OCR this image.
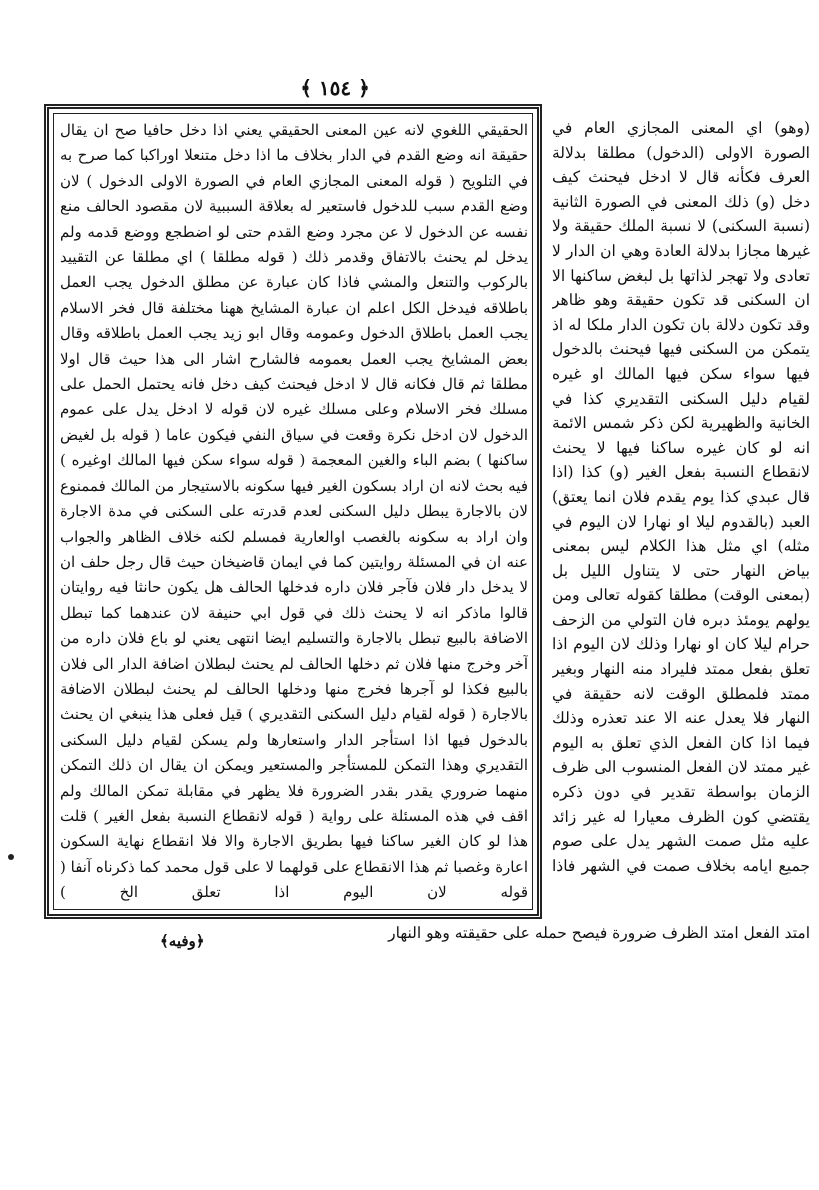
﴿ ١٥٤ ﴾

الحقيقي اللغوي لانه عين المعنى الحقيقي يعني اذا دخل حافيا صح ان يقال حقيقة انه وضع القدم في الدار بخلاف ما اذا دخل متنعلا اوراكبا كما صرح به في التلويح ( قوله المعنى المجازي العام في الصورة الاولى الدخول ) لان وضع القدم سبب للدخول فاستعير له بعلاقة السببية لان مقصود الحالف منع نفسه عن الدخول لا عن مجرد وضع القدم حتى لو اضطجع ووضع قدمه ولم يدخل لم يحنث بالاتفاق وقدمر ذلك ( قوله مطلقا ) اي مطلقا عن التقييد بالركوب والتنعل والمشي فاذا كان عبارة عن مطلق الدخول يجب العمل باطلاقه فيدخل الكل اعلم ان عبارة المشايخ ههنا مختلفة قال فخر الاسلام يجب العمل باطلاق الدخول وعمومه وقال ابو زيد يجب العمل باطلاقه وقال بعض المشايخ يجب العمل بعمومه فالشارح اشار الى هذا حيث قال اولا مطلقا ثم قال فكانه قال لا ادخل فيحنث كيف دخل فانه يحتمل الحمل على مسلك فخر الاسلام وعلى مسلك غيره لان قوله لا ادخل يدل على عموم الدخول لان ادخل نكرة وقعت في سياق النفي فيكون عاما ( قوله بل لغيض ساكنها ) بضم الباء والغين المعجمة ( قوله سواء سكن فيها المالك اوغيره ) فيه بحث لانه ان اراد بسكون الغير فيها سكونه بالاستيجار من المالك فممنوع لان بالاجارة يبطل دليل السكنى لعدم قدرته على السكنى في مدة الاجارة وان اراد به سكونه بالغصب اوالعارية فمسلم لكنه خلاف الظاهر والجواب عنه ان في المسئلة روايتين كما في ايمان قاضيخان حيث قال رجل حلف ان لا يدخل دار فلان فآجر فلان داره فدخلها الحالف هل يكون حانثا فيه روايتان قالوا ماذكر انه لا يحنث ذلك في قول ابي حنيفة لان عندهما كما تبطل الاضافة بالبيع تبطل بالاجارة والتسليم ايضا انتهى يعني لو باع فلان داره من آخر وخرج منها فلان ثم دخلها الحالف لم يحنث لبطلان اضافة الدار الى فلان بالبيع فكذا لو آجرها فخرج منها ودخلها الحالف لم يحنث لبطلان الاضافة بالاجارة ( قوله لقيام دليل السكنى التقديري ) قيل فعلى هذا ينبغي ان يحنث بالدخول فيها اذا استأجر الدار واستعارها ولم يسكن لقيام دليل السكنى التقديري وهذا التمكن للمستأجر والمستعير ويمكن ان يقال ان ذلك التمكن منهما ضروري يقدر بقدر الضرورة فلا يظهر في مقابلة تمكن المالك ولم اقف في هذه المسئلة على رواية ( قوله لانقطاع النسبة بفعل الغير ) قلت هذا لو كان الغير ساكنا فيها بطريق الاجارة والا فلا انقطاع نهاية السكون اعارة وغصبا ثم هذا الانقطاع على قولهما لا على قول محمد كما ذكرناه آنفا ( قوله لان اليوم اذا تعلق الخ )

(وهو) اي المعنى المجازي العام في الصورة الاولى (الدخول) مطلقا بدلالة العرف فكأنه قال لا ادخل فيحنث كيف دخل (و) ذلك المعنى في الصورة الثانية (نسبة السكنى) لا نسبة الملك حقيقة ولا غيرها مجازا بدلالة العادة وهي ان الدار لا تعادى ولا تهجر لذاتها بل لبغض ساكنها الا ان السكنى قد تكون حقيقة وهو ظاهر وقد تكون دلالة بان تكون الدار ملكا له اذ يتمكن من السكنى فيها فيحنث بالدخول فيها سواء سكن فيها المالك او غيره لقيام دليل السكنى التقديري كذا في الخانية والظهيرية لكن ذكر شمس الائمة انه لو كان غيره ساكنا فيها لا يحنث لانقطاع النسبة بفعل الغير (و) كذا (اذا قال عبدي كذا يوم يقدم فلان انما يعتق) العبد (بالقدوم ليلا او نهارا لان اليوم في مثله) اي مثل هذا الكلام ليس بمعنى بياض النهار حتى لا يتناول الليل بل (بمعنى الوقت) مطلقا كقوله تعالى ومن يولهم يومئذ دبره فان التولي من الزحف حرام ليلا كان او نهارا وذلك لان اليوم اذا تعلق بفعل ممتد فليراد منه النهار وبغير ممتد فلمطلق الوقت لانه حقيقة في النهار فلا يعدل عنه الا عند تعذره وذلك فيما اذا كان الفعل الذي تعلق به اليوم غير ممتد لان الفعل المنسوب الى ظرف الزمان بواسطة تقدير في دون ذكره يقتضي كون الظرف معيارا له غير زائد عليه مثل صمت الشهر يدل على صوم جميع ايامه بخلاف صمت في الشهر فاذا

امتد الفعل امتد الظرف ضرورة فيصح حمله على حقيقته وهو النهار
﴿وفيه﴾
